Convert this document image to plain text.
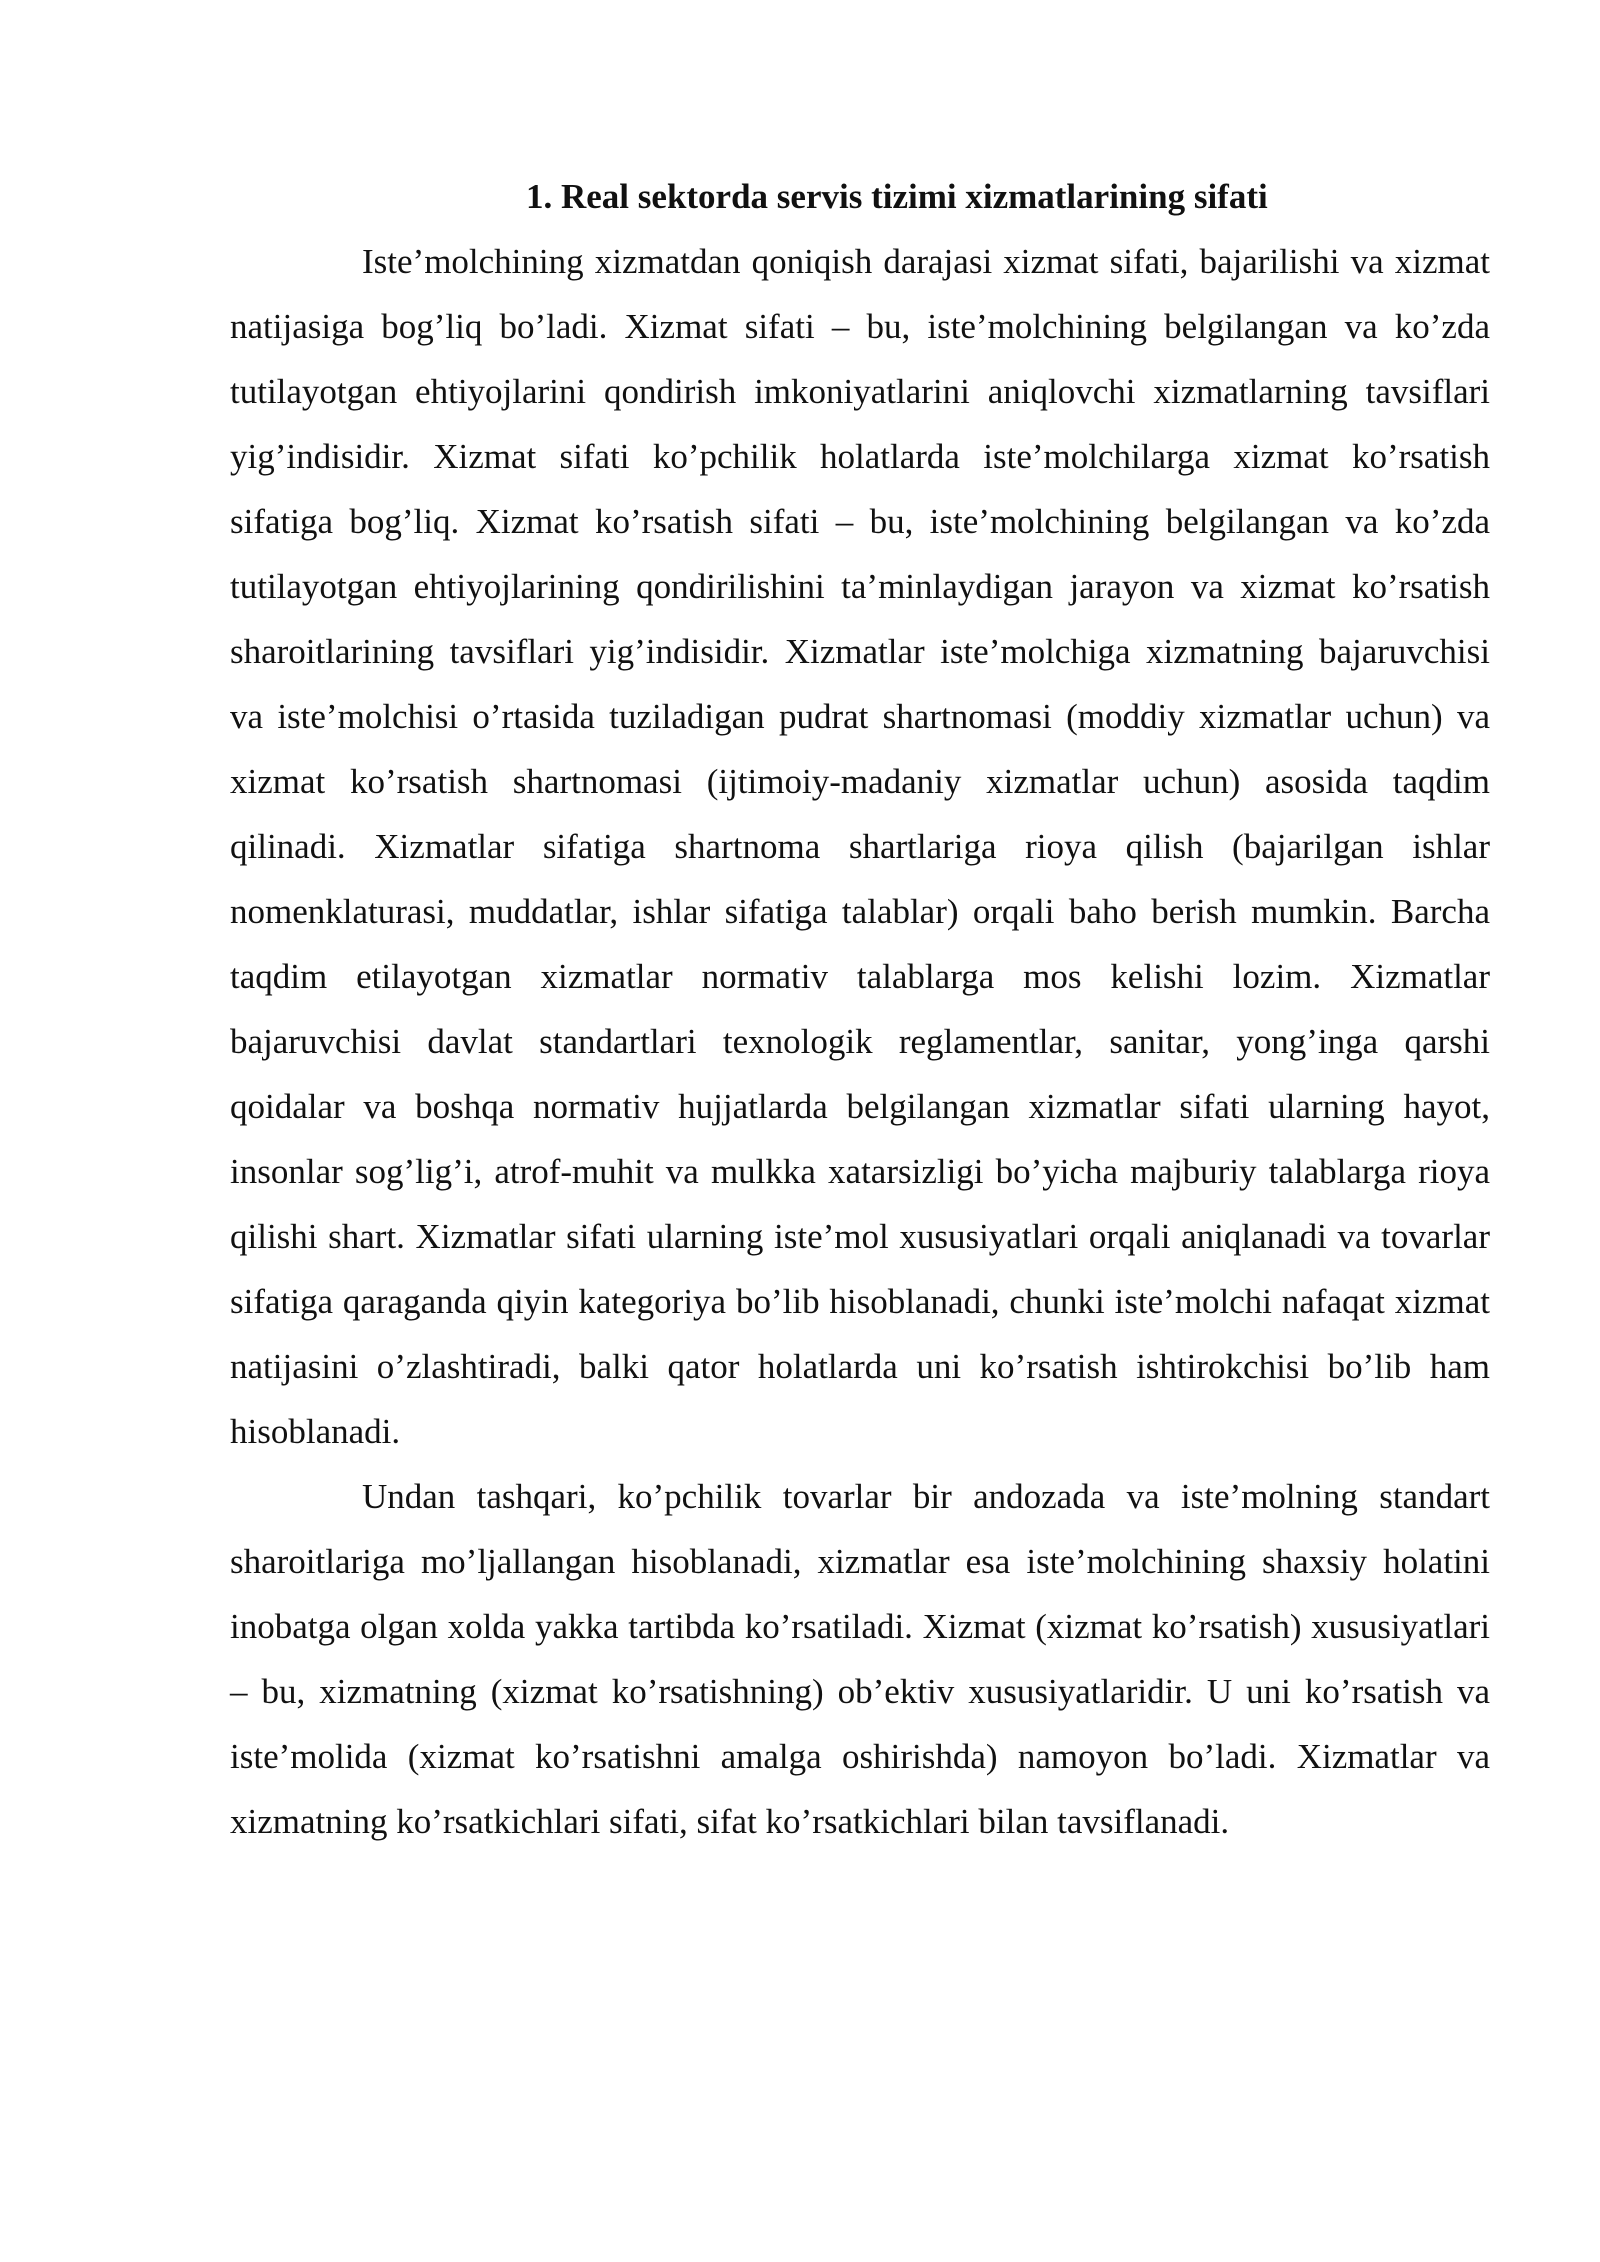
1. Real sektorda servis tizimi xizmatlarining sifati

Iste’molchining xizmatdan qoniqish darajasi xizmat sifati, bajarilishi va xizmat natijasiga bog’liq bo’ladi. Xizmat sifati – bu, iste’molchining belgilangan va ko’zda tutilayotgan ehtiyojlarini qondirish imkoniyatlarini aniqlovchi xizmatlarning tavsiflari yig’indisidir. Xizmat sifati ko’pchilik holatlarda iste’molchilarga xizmat ko’rsatish sifatiga bog’liq. Xizmat ko’rsatish sifati – bu, iste’molchining belgilangan va ko’zda tutilayotgan ehtiyojlarining qondirilishini ta’minlaydigan jarayon va xizmat ko’rsatish sharoitlarining tavsiflari yig’indisidir. Xizmatlar iste’molchiga xizmatning bajaruvchisi va iste’molchisi o’rtasida tuziladigan pudrat shartnomasi (moddiy xizmatlar uchun) va xizmat ko’rsatish shartnomasi (ijtimoiy-madaniy xizmatlar uchun) asosida taqdim qilinadi. Xizmatlar sifatiga shartnoma shartlariga rioya qilish (bajarilgan ishlar nomenklaturasi, muddatlar, ishlar sifatiga talablar) orqali baho berish mumkin. Barcha taqdim etilayotgan xizmatlar normativ talablarga mos kelishi lozim. Xizmatlar bajaruvchisi davlat standartlari texnologik reglamentlar, sanitar, yong’inga qarshi qoidalar va boshqa normativ hujjatlarda belgilangan xizmatlar sifati ularning hayot, insonlar sog’lig’i, atrof-muhit va mulkka xatarsizligi bo’yicha majburiy talablarga rioya qilishi shart. Xizmatlar sifati ularning iste’mol xususiyatlari orqali aniqlanadi va tovarlar sifatiga qaraganda qiyin kategoriya bo’lib hisoblanadi, chunki iste’molchi nafaqat xizmat natijasini o’zlashtiradi, balki qator holatlarda uni ko’rsatish ishtirokchisi bo’lib ham hisoblanadi.

Undan tashqari, ko’pchilik tovarlar bir andozada va iste’molning standart sharoitlariga mo’ljallangan hisoblanadi, xizmatlar esa iste’molchining shaxsiy holatini inobatga olgan xolda yakka tartibda ko’rsatiladi. Xizmat (xizmat ko’rsatish) xususiyatlari – bu, xizmatning (xizmat ko’rsatishning) ob’ektiv xususiyatlaridir. U uni ko’rsatish va iste’molida (xizmat ko’rsatishni amalga oshirishda) namoyon bo’ladi. Xizmatlar va xizmatning ko’rsatkichlari sifati, sifat ko’rsatkichlari bilan tavsiflanadi.
